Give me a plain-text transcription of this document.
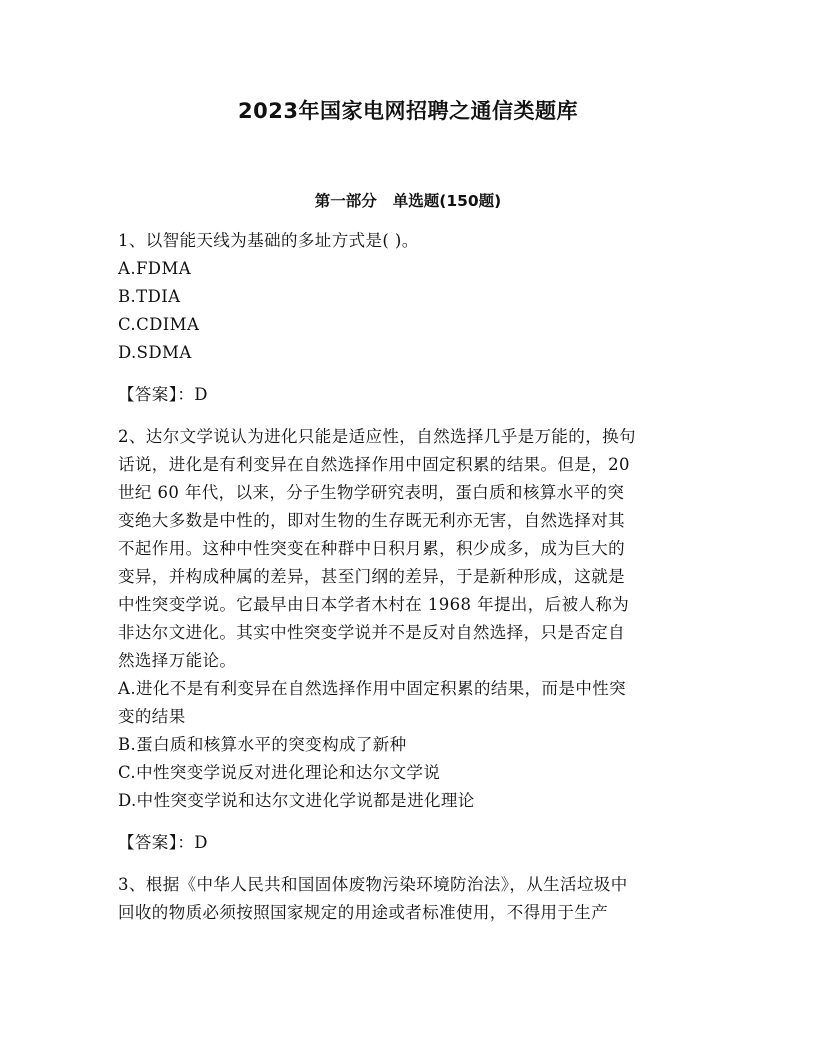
2023年国家电网招聘之通信类题库
第一部分 单选题(150题)
1、以智能天线为基础的多址方式是( )。
A.FDMA
B.TDIA
C.CDIMA
D.SDMA
【答案】：D
2、达尔文学说认为进化只能是适应性，自然选择几乎是万能的，换句
话说，进化是有利变异在自然选择作用中固定积累的结果。但是，20
世纪 60 年代，以来，分子生物学研究表明，蛋白质和核算水平的突
变绝大多数是中性的，即对生物的生存既无利亦无害，自然选择对其
不起作用。这种中性突变在种群中日积月累，积少成多，成为巨大的
变异，并构成种属的差异，甚至门纲的差异，于是新种形成，这就是
中性突变学说。它最早由日本学者木村在 1968 年提出，后被人称为
非达尔文进化。其实中性突变学说并不是反对自然选择，只是否定自
然选择万能论。
A.进化不是有利变异在自然选择作用中固定积累的结果，而是中性突
变的结果
B.蛋白质和核算水平的突变构成了新种
C.中性突变学说反对进化理论和达尔文学说
D.中性突变学说和达尔文进化学说都是进化理论
【答案】：D
3、根据《中华人民共和国固体废物污染环境防治法》，从生活垃圾中
回收的物质必须按照国家规定的用途或者标准使用，不得用于生产
